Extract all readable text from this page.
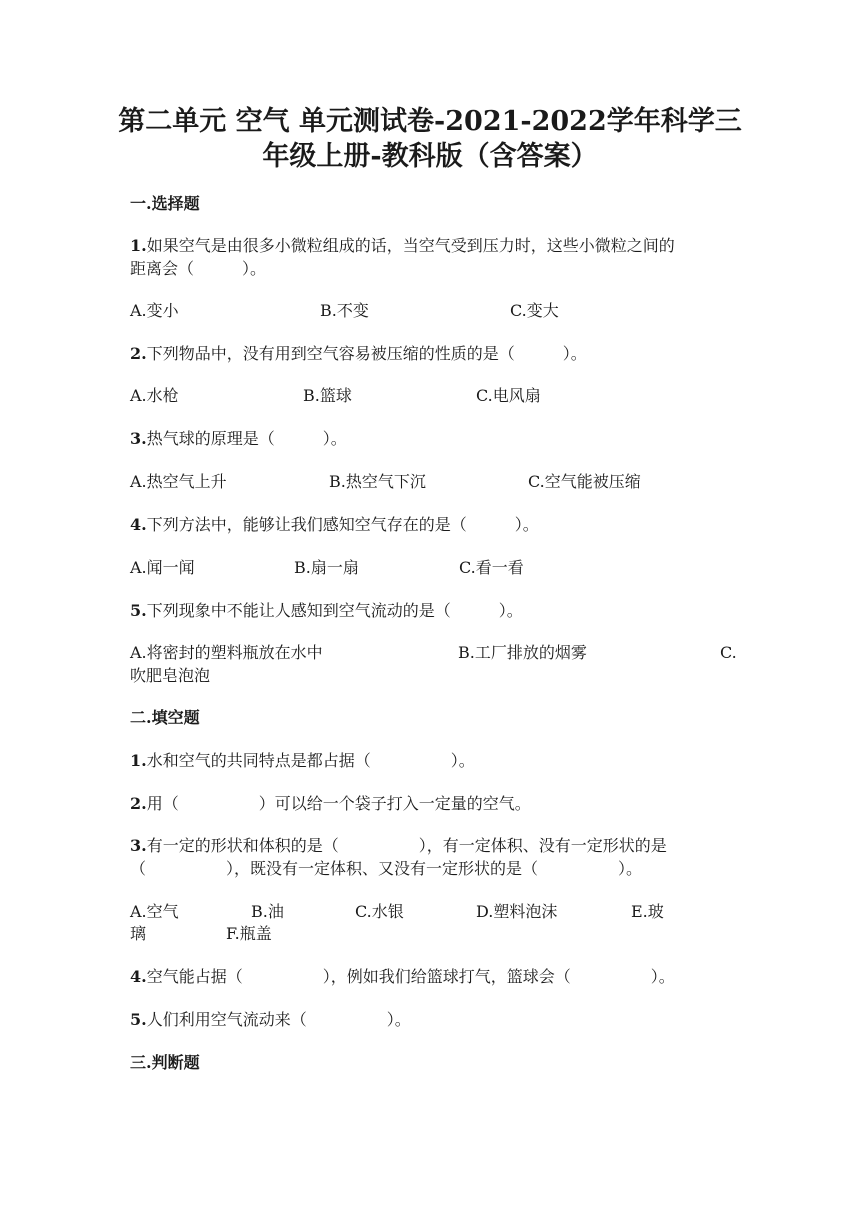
第二单元 空气 单元测试卷-2021-2022学年科学三
年级上册-教科版（含答案）
一.选择题
1.如果空气是由很多小微粒组成的话，当空气受到压力时，这些小微粒之间的
距离会（　　　）。
A.变小	B.不变	C.变大
2.下列物品中，没有用到空气容易被压缩的性质的是（　　　）。
A.水枪	B.篮球	C.电风扇
3.热气球的原理是（　　　）。
A.热空气上升	B.热空气下沉	C.空气能被压缩
4.下列方法中，能够让我们感知空气存在的是（　　　）。
A.闻一闻	B.扇一扇	C.看一看
5.下列现象中不能让人感知到空气流动的是（　　　）。
A.将密封的塑料瓶放在水中	B.工厂排放的烟雾	C.
吹肥皂泡泡
二.填空题
1.水和空气的共同特点是都占据（　　　　　）。
2.用（　　　　　）可以给一个袋子打入一定量的空气。
3.有一定的形状和体积的是（　　　　　），有一定体积、没有一定形状的是
（　　　　　），既没有一定体积、又没有一定形状的是（　　　　　）。
A.空气	B.油	C.水银	D.塑料泡沫	E.玻
璃	F.瓶盖
4.空气能占据（　　　　　），例如我们给篮球打气，篮球会（　　　　　）。
5.人们利用空气流动来（　　　　　）。
三.判断题
